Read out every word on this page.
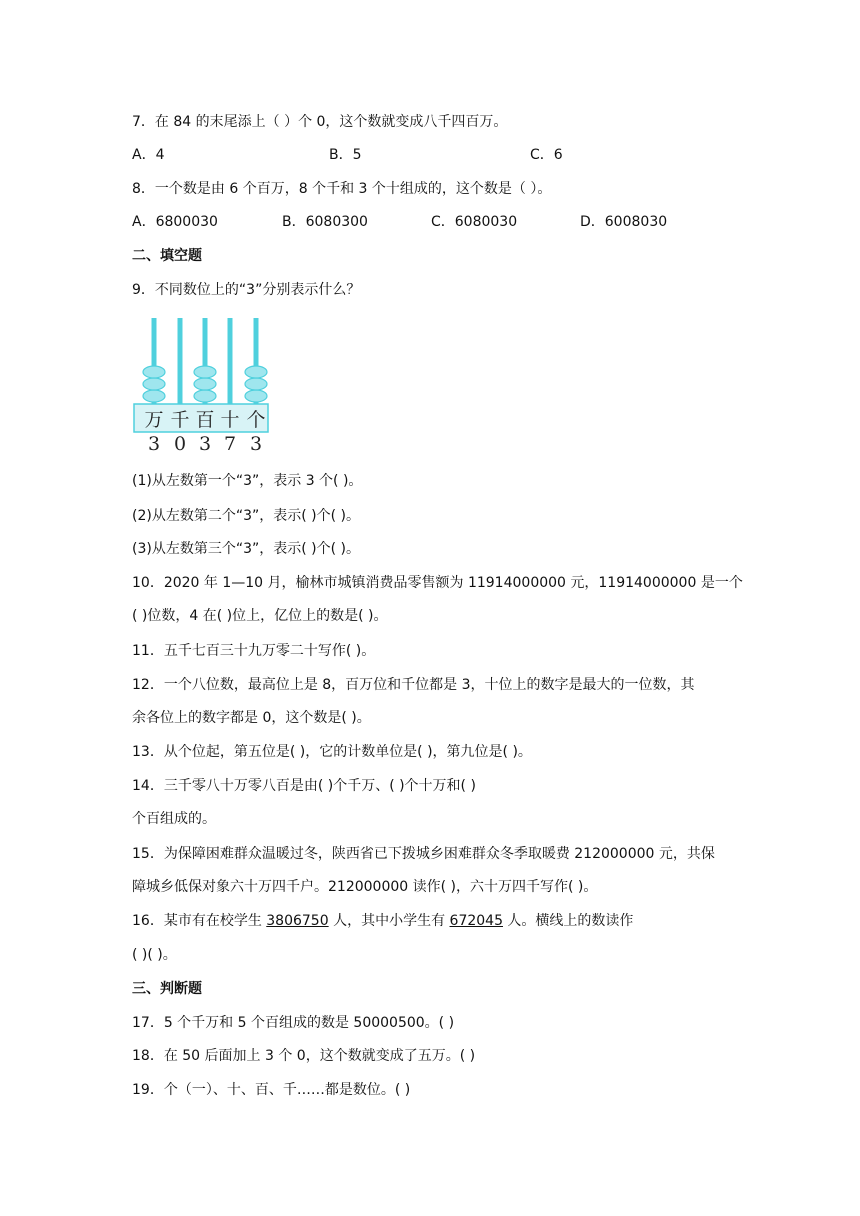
7．在 84 的末尾添上（ ）个 0，这个数就变成八千四百万。
A．4	B．5	C．6
8．一个数是由 6 个百万，8 个千和 3 个十组成的，这个数是（ ）。
A．6800030	B．6080300	C．6080030	D．6008030
二、填空题
9．不同数位上的“3”分别表示什么？
万 千 百 十 个
3 0 3 7 3
(1)从左数第一个“3”，表示 3 个( )。
(2)从左数第二个“3”，表示( )个( )。
(3)从左数第三个“3”，表示( )个( )。
10．2020 年 1—10 月，榆林市城镇消费品零售额为 11914000000 元，11914000000 是一个
( )位数，4 在( )位上，亿位上的数是( )。
11．五千七百三十九万零二十写作( )。
12．一个八位数，最高位上是 8，百万位和千位都是 3，十位上的数字是最大的一位数，其
余各位上的数字都是 0，这个数是( )。
13．从个位起，第五位是( )，它的计数单位是( )，第九位是( )。
14．三千零八十万零八百是由( )个千万、( )个十万和( )
个百组成的。
15．为保障困难群众温暖过冬，陕西省已下拨城乡困难群众冬季取暖费 212000000 元，共保
障城乡低保对象六十万四千户。212000000 读作( )，六十万四千写作( )。
16．某市有在校学生 3806750 人，其中小学生有 672045 人。横线上的数读作
( )( )。
三、判断题
17．5 个千万和 5 个百组成的数是 50000500。( )
18．在 50 后面加上 3 个 0，这个数就变成了五万。( )
19．个（一）、十、百、千……都是数位。( )
